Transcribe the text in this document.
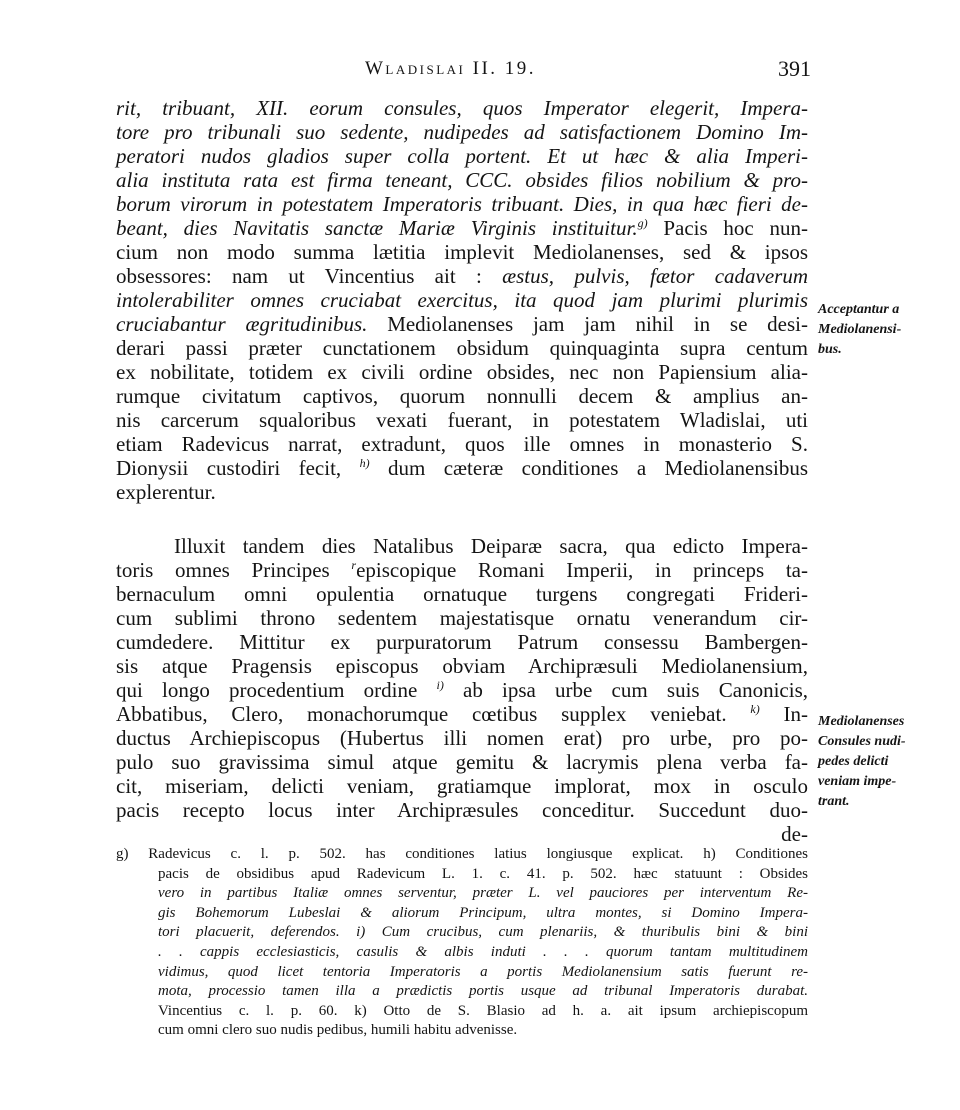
Wladislai II. 19.	391
rit, tribuant, XII. eorum consules, quos Imperator elegerit, Impera-
tore pro tribunali suo sedente, nudipedes ad satisfactionem Domino Im-
peratori nudos gladios super colla portent. Et ut hæc & alia Imperi-
alia instituta rata est firma teneant, CCC. obsides filios nobilium & pro-
borum virorum in potestatem Imperatoris tribuant. Dies, in qua hæc fieri de-
beant, dies Navitatis sanctæ Mariæ Virginis instituitur.$^{g)}$ Pacis hoc nun-
cium non modo summa lætitia implevit Mediolanenses, sed & ipsos
obsessores: nam ut Vincentius ait : æstus, pulvis, fætor cadaverum
intolerabiliter omnes cruciabat exercitus, ita quod jam plurimi plurimis
cruciabantur ægritudinibus. Mediolanenses jam jam nihil in se desi-
derari passi præter cunctationem obsidum quinquaginta supra centum
ex nobilitate, totidem ex civili ordine obsides, nec non Papiensium alia-
rumque civitatum captivos, quorum nonnulli decem & amplius an-
nis carcerum squaloribus vexati fuerant, in potestatem Wladislai, uti
etiam Radevicus narrat, extradunt, quos ille omnes in monasterio S.
Dionysii custodiri fecit, $^{h)}$ dum cæteræ conditiones a Mediolanensibus
explerentur.
Acceptantur a
Mediolanensi-
bus.
Illuxit tandem dies Natalibus Deiparæ sacra, qua edicto Impera-
toris omnes Principes $^r$episcopique Romani Imperii, in princeps ta-
bernaculum omni opulentia ornatuque turgens congregati Frideri-
cum sublimi throno sedentem majestatisque ornatu venerandum cir-
cumdedere. Mittitur ex purpuratorum Patrum consessu Bambergen-
sis atque Pragensis episcopus obviam Archipræsuli Mediolanensium,
qui longo procedentium ordine $^{i)}$ ab ipsa urbe cum suis Canonicis,
Abbatibus, Clero, monachorumque cœtibus supplex veniebat. $^{k)}$ In-
ductus Archiepiscopus (Hubertus illi nomen erat) pro urbe, pro po-
pulo suo gravissima simul atque gemitu & lacrymis plena verba fa-
cit, miseriam, delicti veniam, gratiamque implorat, mox in osculo
pacis recepto locus inter Archipræsules conceditur. Succedunt duo-
de-
Mediolanenses
Consules nudi-
pedes delicti
veniam impe-
trant.
g) Radevicus c. l. p. 502. has conditiones latius longiusque explicat. h) Conditiones
pacis de obsidibus apud Radevicum L. 1. c. 41. p. 502. hæc statuunt : Obsides
vero in partibus Italiæ omnes serventur, præter L. vel pauciores per interventum Re-
gis Bohemorum Lubeslai & aliorum Principum, ultra montes, si Domino Impera-
tori placuerit, deferendos. i) Cum crucibus, cum plenariis, & thuribulis bini & bini
. . cappis ecclesiasticis, casulis & albis induti . . . quorum tantam multitudinem
vidimus, quod licet tentoria Imperatoris a portis Mediolanensium satis fuerunt re-
mota, processio tamen illa a prædictis portis usque ad tribunal Imperatoris durabat.
Vincentius c. l. p. 60. k) Otto de S. Blasio ad h. a. ait ipsum archiepiscopum
cum omni clero suo nudis pedibus, humili habitu advenisse.
